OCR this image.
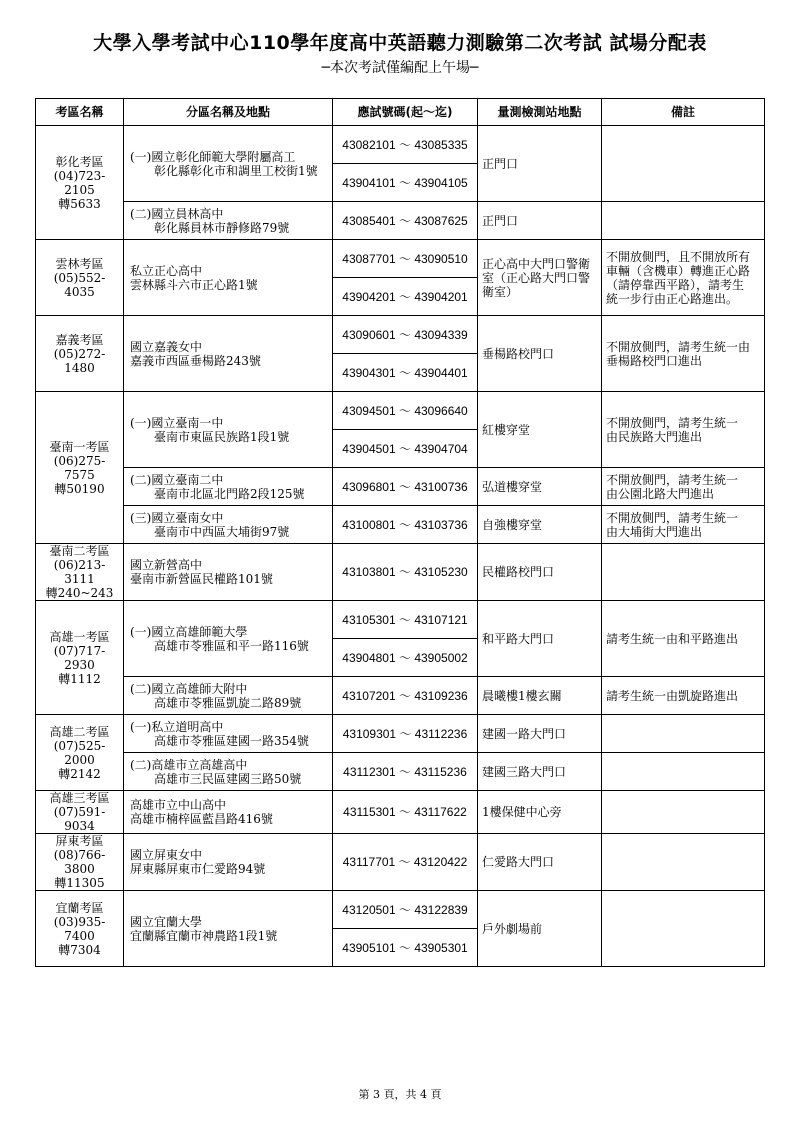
大學入學考試中心110學年度高中英語聽力測驗第二次考試 試場分配表
─本次考試僅編配上午場─
考區名稱	分區名稱及地點	應試號碼(起～迄)	量測檢測站地點	備註

彰化考區
(04)723-2105
轉5633	(一)國立彰化師範大學附屬高工
　　彰化縣彰化市和調里工校街1號	43082101 ～ 43085335	正門口	

		43904101 ～ 43904105		

	(二)國立員林高中
　　彰化縣員林市靜修路79號	43085401 ～ 43087625	正門口	

雲林考區
(05)552-4035	私立正心高中
雲林縣斗六市正心路1號	43087701 ～ 43090510	正心高中大門口警衛
室（正心路大門口警
衛室）	不開放側門，且不開放所有
車輛（含機車）轉進正心路
（請停靠西平路），請考生
統一步行由正心路進出。

		43904201 ～ 43904201		

嘉義考區
(05)272-1480	國立嘉義女中
嘉義市西區垂楊路243號	43090601 ～ 43094339	垂楊路校門口	不開放側門，請考生統一由
垂楊路校門口進出

		43904301 ～ 43904401		

臺南一考區
(06)275-7575
轉50190	(一)國立臺南一中
　　臺南市東區民族路1段1號	43094501 ～ 43096640	紅樓穿堂	不開放側門，請考生統一
由民族路大門進出

		43904501 ～ 43904704		

	(二)國立臺南二中
　　臺南市北區北門路2段125號	43096801 ～ 43100736	弘道樓穿堂	不開放側門，請考生統一
由公園北路大門進出

	(三)國立臺南女中
　　臺南市中西區大埔街97號	43100801 ～ 43103736	自強樓穿堂	不開放側門，請考生統一
由大埔街大門進出

臺南二考區
(06)213-3111
轉240~243	國立新營高中
臺南市新營區民權路101號	43103801 ～ 43105230	民權路校門口	

高雄一考區
(07)717-2930
轉1112	(一)國立高雄師範大學
　　高雄市苓雅區和平一路116號	43105301 ～ 43107121	和平路大門口	請考生統一由和平路進出

		43904801 ～ 43905002		

	(二)國立高雄師大附中
　　高雄市苓雅區凱旋二路89號	43107201 ～ 43109236	晨曦樓1樓玄關	請考生統一由凱旋路進出

高雄二考區
(07)525-2000
轉2142	(一)私立道明高中
　　高雄市苓雅區建國一路354號	43109301 ～ 43112236	建國一路大門口	

	(二)高雄市立高雄高中
　　高雄市三民區建國三路50號	43112301 ～ 43115236	建國三路大門口	

高雄三考區
(07)591-9034	高雄市立中山高中
高雄市楠梓區藍昌路416號	43115301 ～ 43117622	1樓保健中心旁	

屏東考區
(08)766-3800
轉11305	國立屏東女中
屏東縣屏東市仁愛路94號	43117701 ～ 43120422	仁愛路大門口	

宜蘭考區
(03)935-7400
轉7304	國立宜蘭大學
宜蘭縣宜蘭市神農路1段1號	43120501 ～ 43122839	戶外劇場前	

		43905101 ～ 43905301		
第 3 頁，共 4 頁
